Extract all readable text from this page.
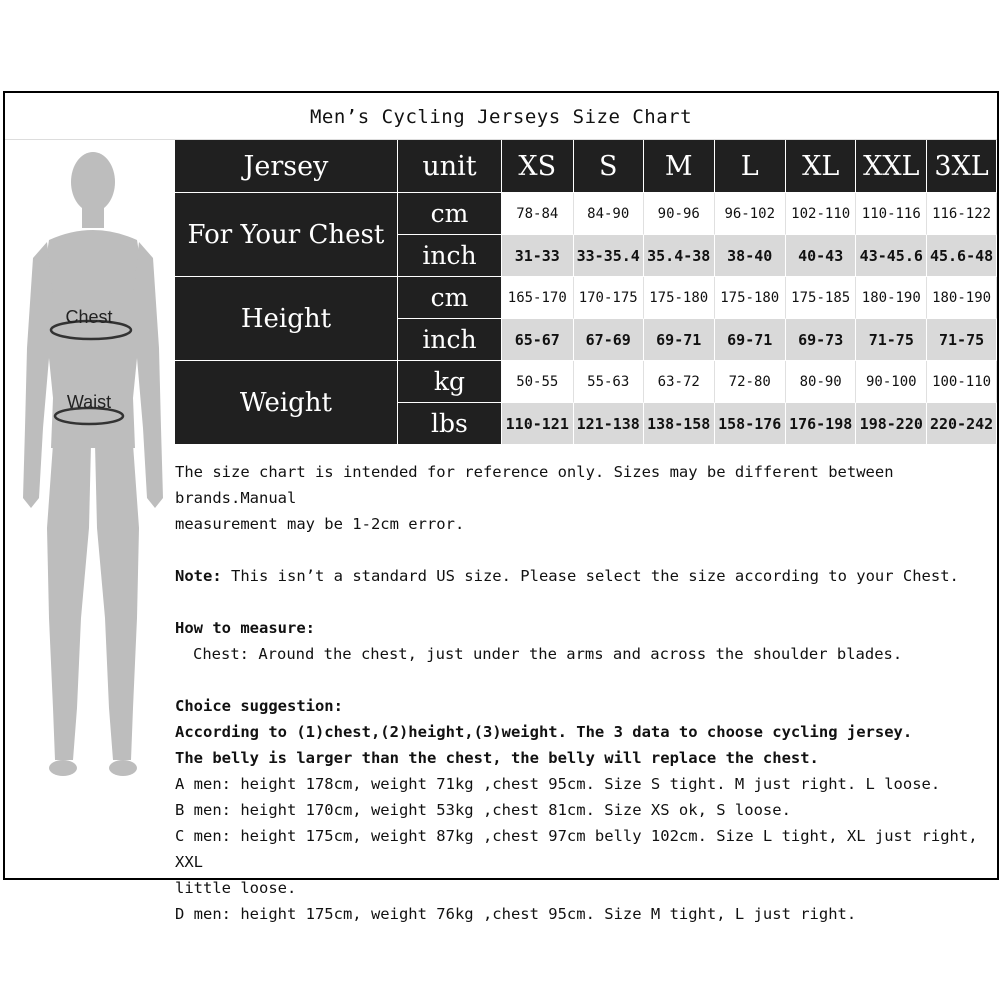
Men’s Cycling Jerseys Size Chart
Chest
Waist
Jersey	unit	XS	S	M	L	XL	XXL	3XL
For Your Chest	cm	78-84	84-90	90-96	96-102	102-110	110-116	116-122
	inch	31-33	33-35.4	35.4-38	38-40	40-43	43-45.6	45.6-48
Height	cm	165-170	170-175	175-180	175-180	175-185	180-190	180-190
	inch	65-67	67-69	69-71	69-71	69-73	71-75	71-75
Weight	kg	50-55	55-63	63-72	72-80	80-90	90-100	100-110
	lbs	110-121	121-138	138-158	158-176	176-198	198-220	220-242

The size chart is intended for reference only. Sizes may be different between brands.Manual

measurement may be 1-2cm error.

Note: This isn’t a standard US size. Please select the size according to your Chest.

How to measure:

Chest: Around the chest, just under the arms and across the shoulder blades.

Choice suggestion:

According to (1)chest,(2)height,(3)weight. The 3 data to choose cycling jersey.

The belly is larger than the chest, the belly will replace the chest.

A men: height 178cm, weight 71kg ,chest 95cm. Size S tight. M just right. L loose.

B men: height 170cm, weight 53kg ,chest 81cm. Size XS ok, S loose.

C men: height 175cm, weight 87kg ,chest 97cm belly 102cm. Size L tight, XL just right, XXL

little loose.

D men: height 175cm, weight 76kg ,chest 95cm. Size M tight, L just right.
